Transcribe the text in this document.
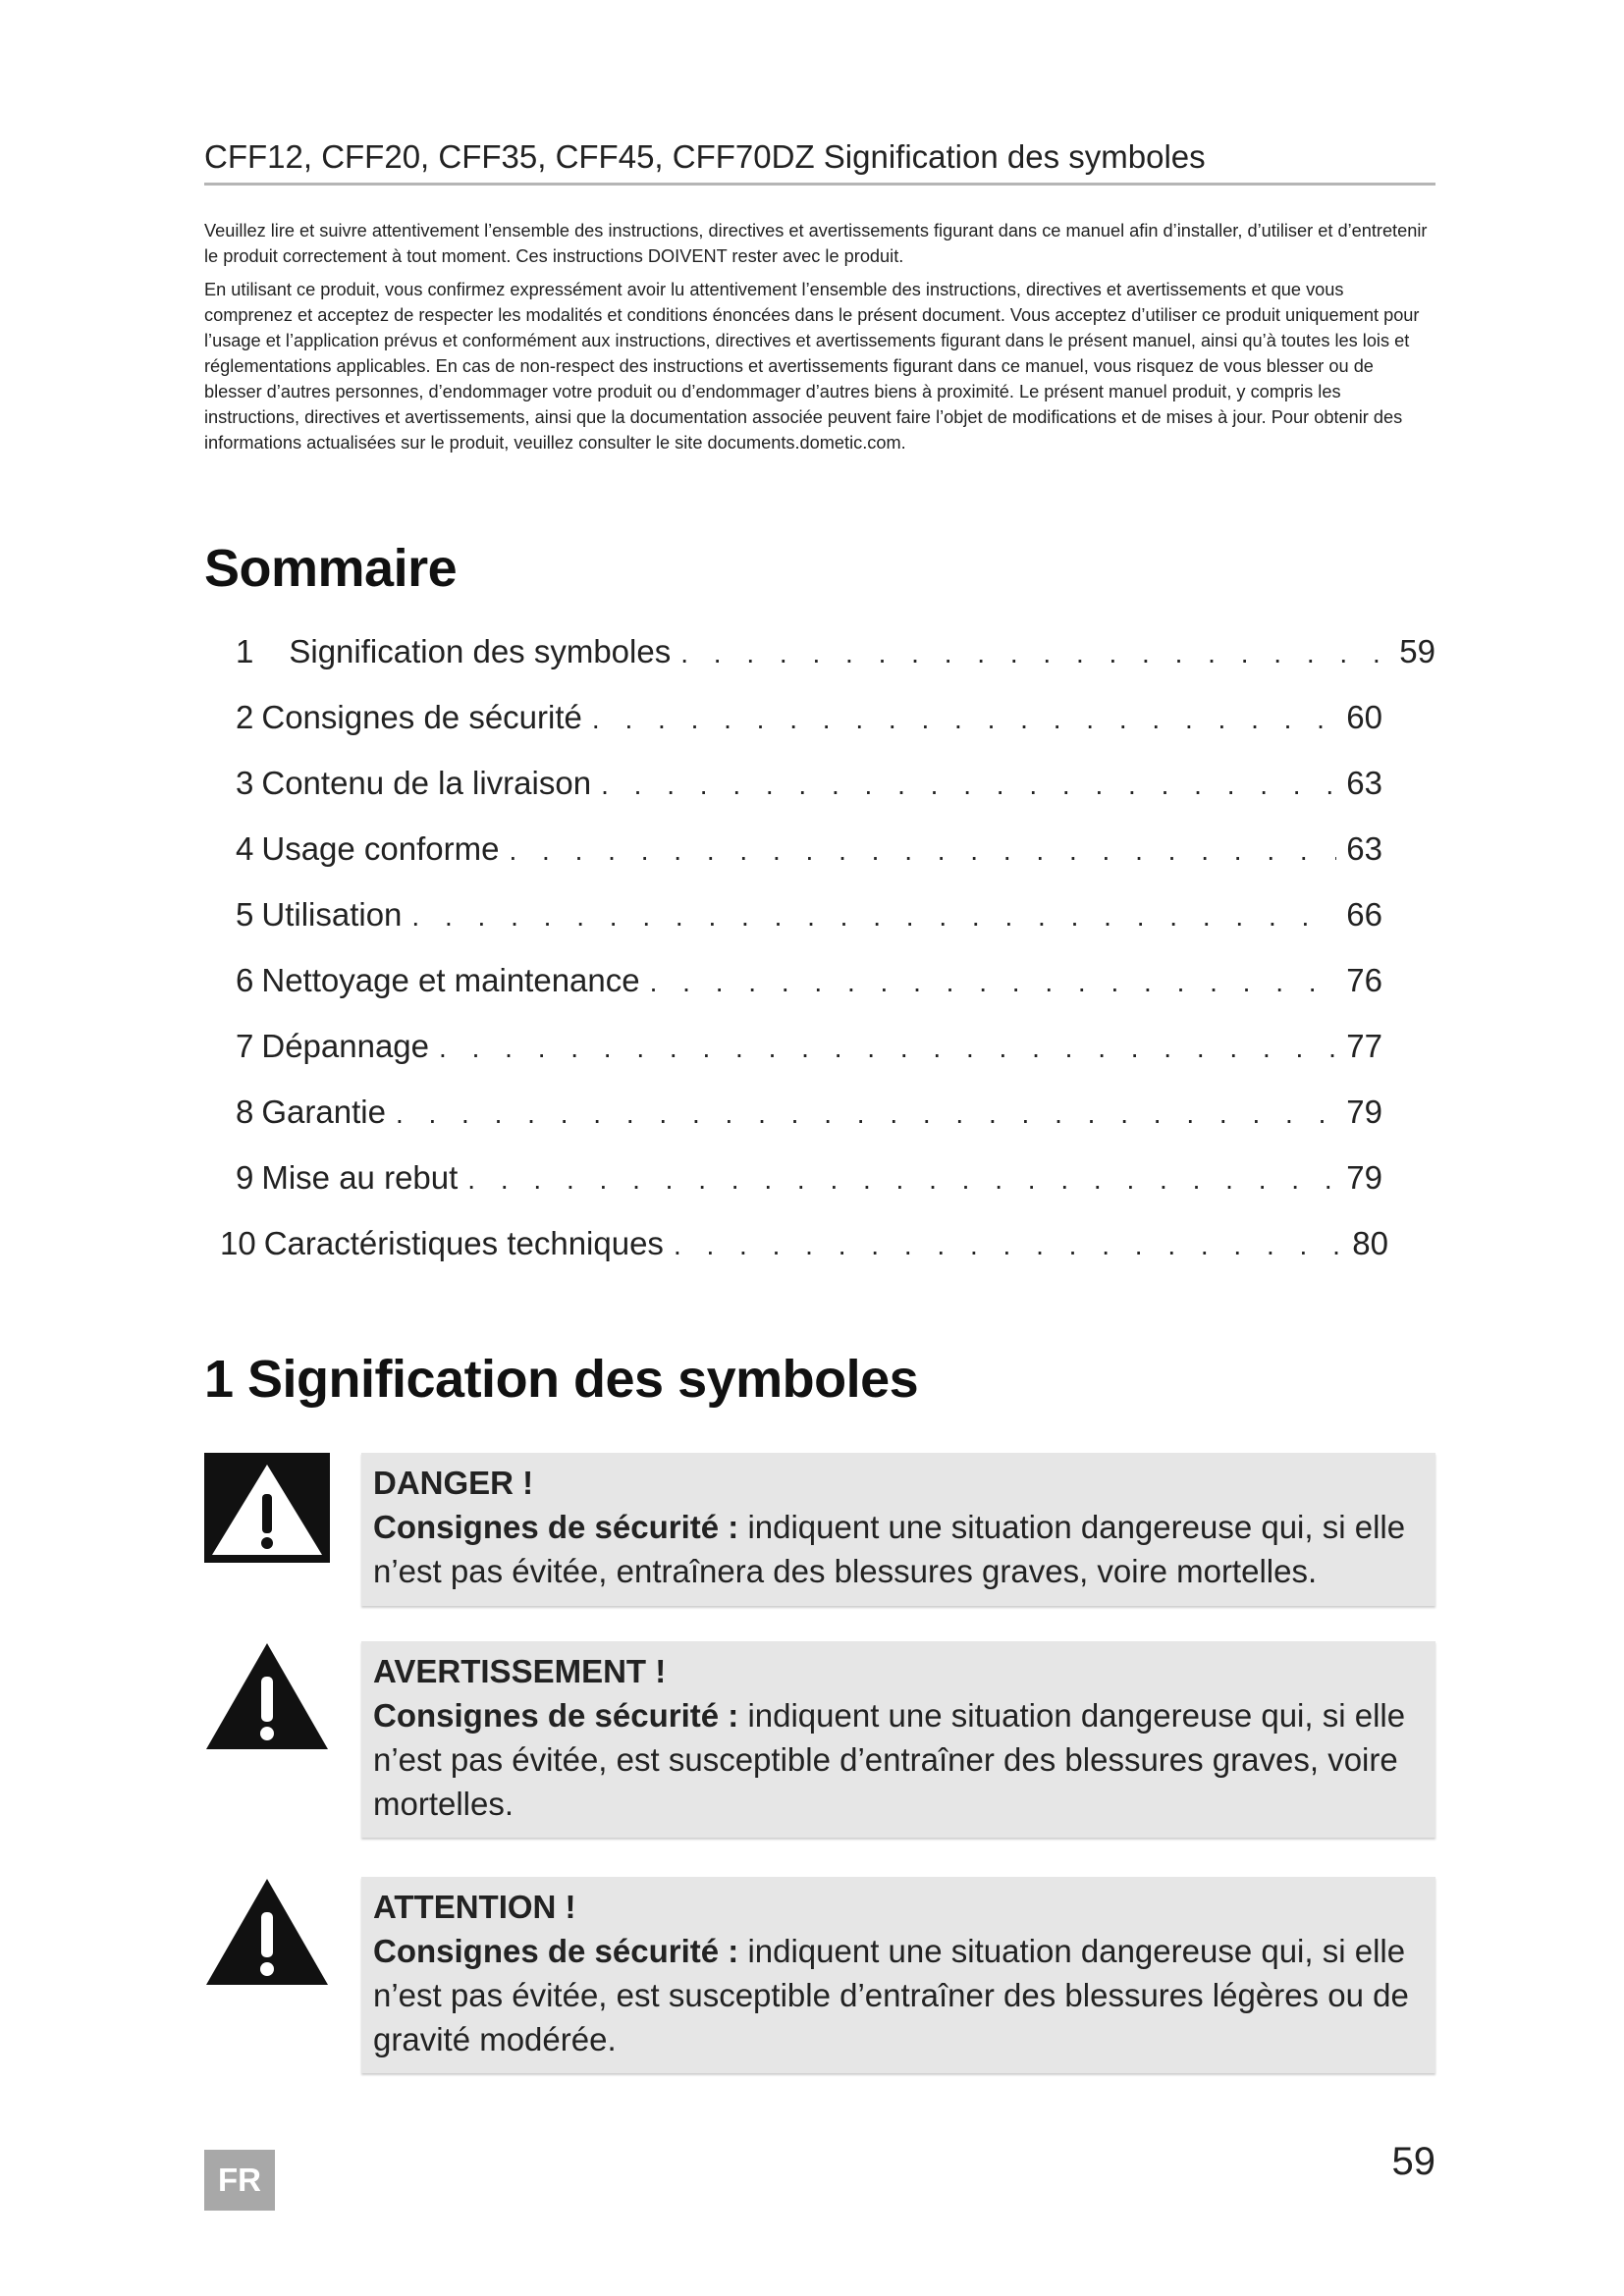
CFF12, CFF20, CFF35, CFF45, CFF70DZ Signification des symboles

Veuillez lire et suivre attentivement l’ensemble des instructions, directives et avertissements figurant dans ce manuel afin d’installer, d’utiliser et d’entretenir le produit correctement à tout moment. Ces instructions DOIVENT rester avec le produit.

En utilisant ce produit, vous confirmez expressément avoir lu attentivement l’ensemble des instructions, directives et avertissements et que vous comprenez et acceptez de respecter les modalités et conditions énoncées dans le présent document. Vous acceptez d’utiliser ce produit uniquement pour l’usage et l’application prévus et conformément aux instructions, directives et avertissements figurant dans le présent manuel, ainsi qu’à toutes les lois et réglementations applicables. En cas de non-respect des instructions et avertissements figurant dans ce manuel, vous risquez de vous blesser ou de blesser d’autres personnes, d’endommager votre produit ou d’endommager d’autres biens à proximité. Le présent manuel produit, y compris les instructions, directives et avertissements, ainsi que la documentation associée peuvent faire l’objet de modifications et de mises à jour. Pour obtenir des informations actualisées sur le produit, veuillez consulter le site documents.dometic.com.

Sommaire
1 Signification des symboles . . .	59
2 Consignes de sécurité . . .	60
3 Contenu de la livraison . . .	63
4 Usage conforme . . .	63
5 Utilisation . . .	66
6 Nettoyage et maintenance . . .	76
7 Dépannage . . .	77
8 Garantie . . .	79
9 Mise au rebut . . .	79
10 Caractéristiques techniques . . .	80
1 Signification des symboles
DANGER !
Consignes de sécurité : indiquent une situation dangereuse qui, si elle n’est pas évitée, entraînera des blessures graves, voire mortelles.
AVERTISSEMENT !
Consignes de sécurité : indiquent une situation dangereuse qui, si elle n’est pas évitée, est susceptible d’entraîner des blessures graves, voire mortelles.
ATTENTION !
Consignes de sécurité : indiquent une situation dangereuse qui, si elle n’est pas évitée, est susceptible d’entraîner des blessures légères ou de gravité modérée.
FR	59
